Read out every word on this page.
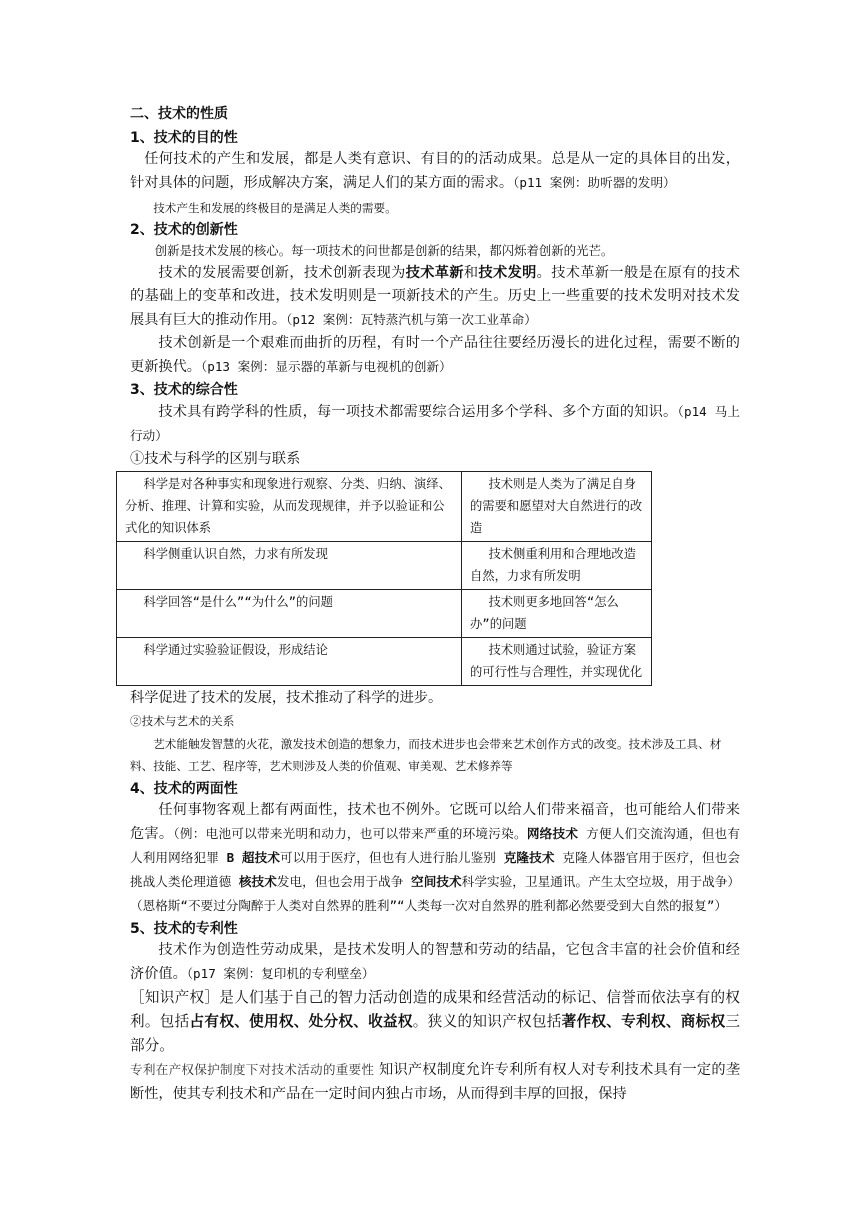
二、技术的性质

1、技术的目的性

任何技术的产生和发展，都是人类有意识、有目的的活动成果。总是从一定的具体目的出发，针对具体的问题，形成解决方案，满足人们的某方面的需求。（p11 案例：助听器的发明）

技术产生和发展的终极目的是满足人类的需要。

2、技术的创新性

创新是技术发展的核心。每一项技术的问世都是创新的结果，都闪烁着创新的光芒。

技术的发展需要创新，技术创新表现为技术革新和技术发明。技术革新一般是在原有的技术的基础上的变革和改进，技术发明则是一项新技术的产生。历史上一些重要的技术发明对技术发展具有巨大的推动作用。（p12 案例：瓦特蒸汽机与第一次工业革命）

技术创新是一个艰难而曲折的历程，有时一个产品往往要经历漫长的进化过程，需要不断的更新换代。（p13 案例：显示器的革新与电视机的创新）

3、技术的综合性

技术具有跨学科的性质，每一项技术都需要综合运用多个学科、多个方面的知识。（p14 马上行动）

①技术与科学的区别与联系

科学是对各种事实和现象进行观察、分类、归纳、演绎、分析、推理、计算和实验，从而发现规律，并予以验证和公式化的知识体系	技术则是人类为了满足自身的需要和愿望对大自然进行的改造
科学侧重认识自然，力求有所发现	技术侧重利用和合理地改造自然，力求有所发明
科学回答“是什么”“为什么”的问题	技术则更多地回答“怎么办”的问题
科学通过实验验证假设，形成结论	技术则通过试验，验证方案的可行性与合理性，并实现优化

科学促进了技术的发展，技术推动了科学的进步。

②技术与艺术的关系

艺术能触发智慧的火花，激发技术创造的想象力，而技术进步也会带来艺术创作方式的改变。技术涉及工具、材料、技能、工艺、程序等，艺术则涉及人类的价值观、审美观、艺术修养等

4、技术的两面性

任何事物客观上都有两面性，技术也不例外。它既可以给人们带来福音，也可能给人们带来危害。（例：电池可以带来光明和动力，也可以带来严重的环境污染。网络技术 方便人们交流沟通，但也有人利用网络犯罪 B 超技术可以用于医疗，但也有人进行胎儿鉴别 克隆技术 克隆人体器官用于医疗，但也会挑战人类伦理道德 核技术发电，但也会用于战争 空间技术科学实验，卫星通讯。产生太空垃圾，用于战争）（恩格斯“不要过分陶醉于人类对自然界的胜利”“人类每一次对自然界的胜利都必然要受到大自然的报复”）

5、技术的专利性

技术作为创造性劳动成果，是技术发明人的智慧和劳动的结晶，它包含丰富的社会价值和经济价值。（p17 案例：复印机的专利壁垒）

［知识产权］是人们基于自己的智力活动创造的成果和经营活动的标记、信誉而依法享有的权利。包括占有权、使用权、处分权、收益权。狭义的知识产权包括著作权、专利权、商标权三部分。

专利在产权保护制度下对技术活动的重要性 知识产权制度允许专利所有权人对专利技术具有一定的垄断性，使其专利技术和产品在一定时间内独占市场，从而得到丰厚的回报，保持
